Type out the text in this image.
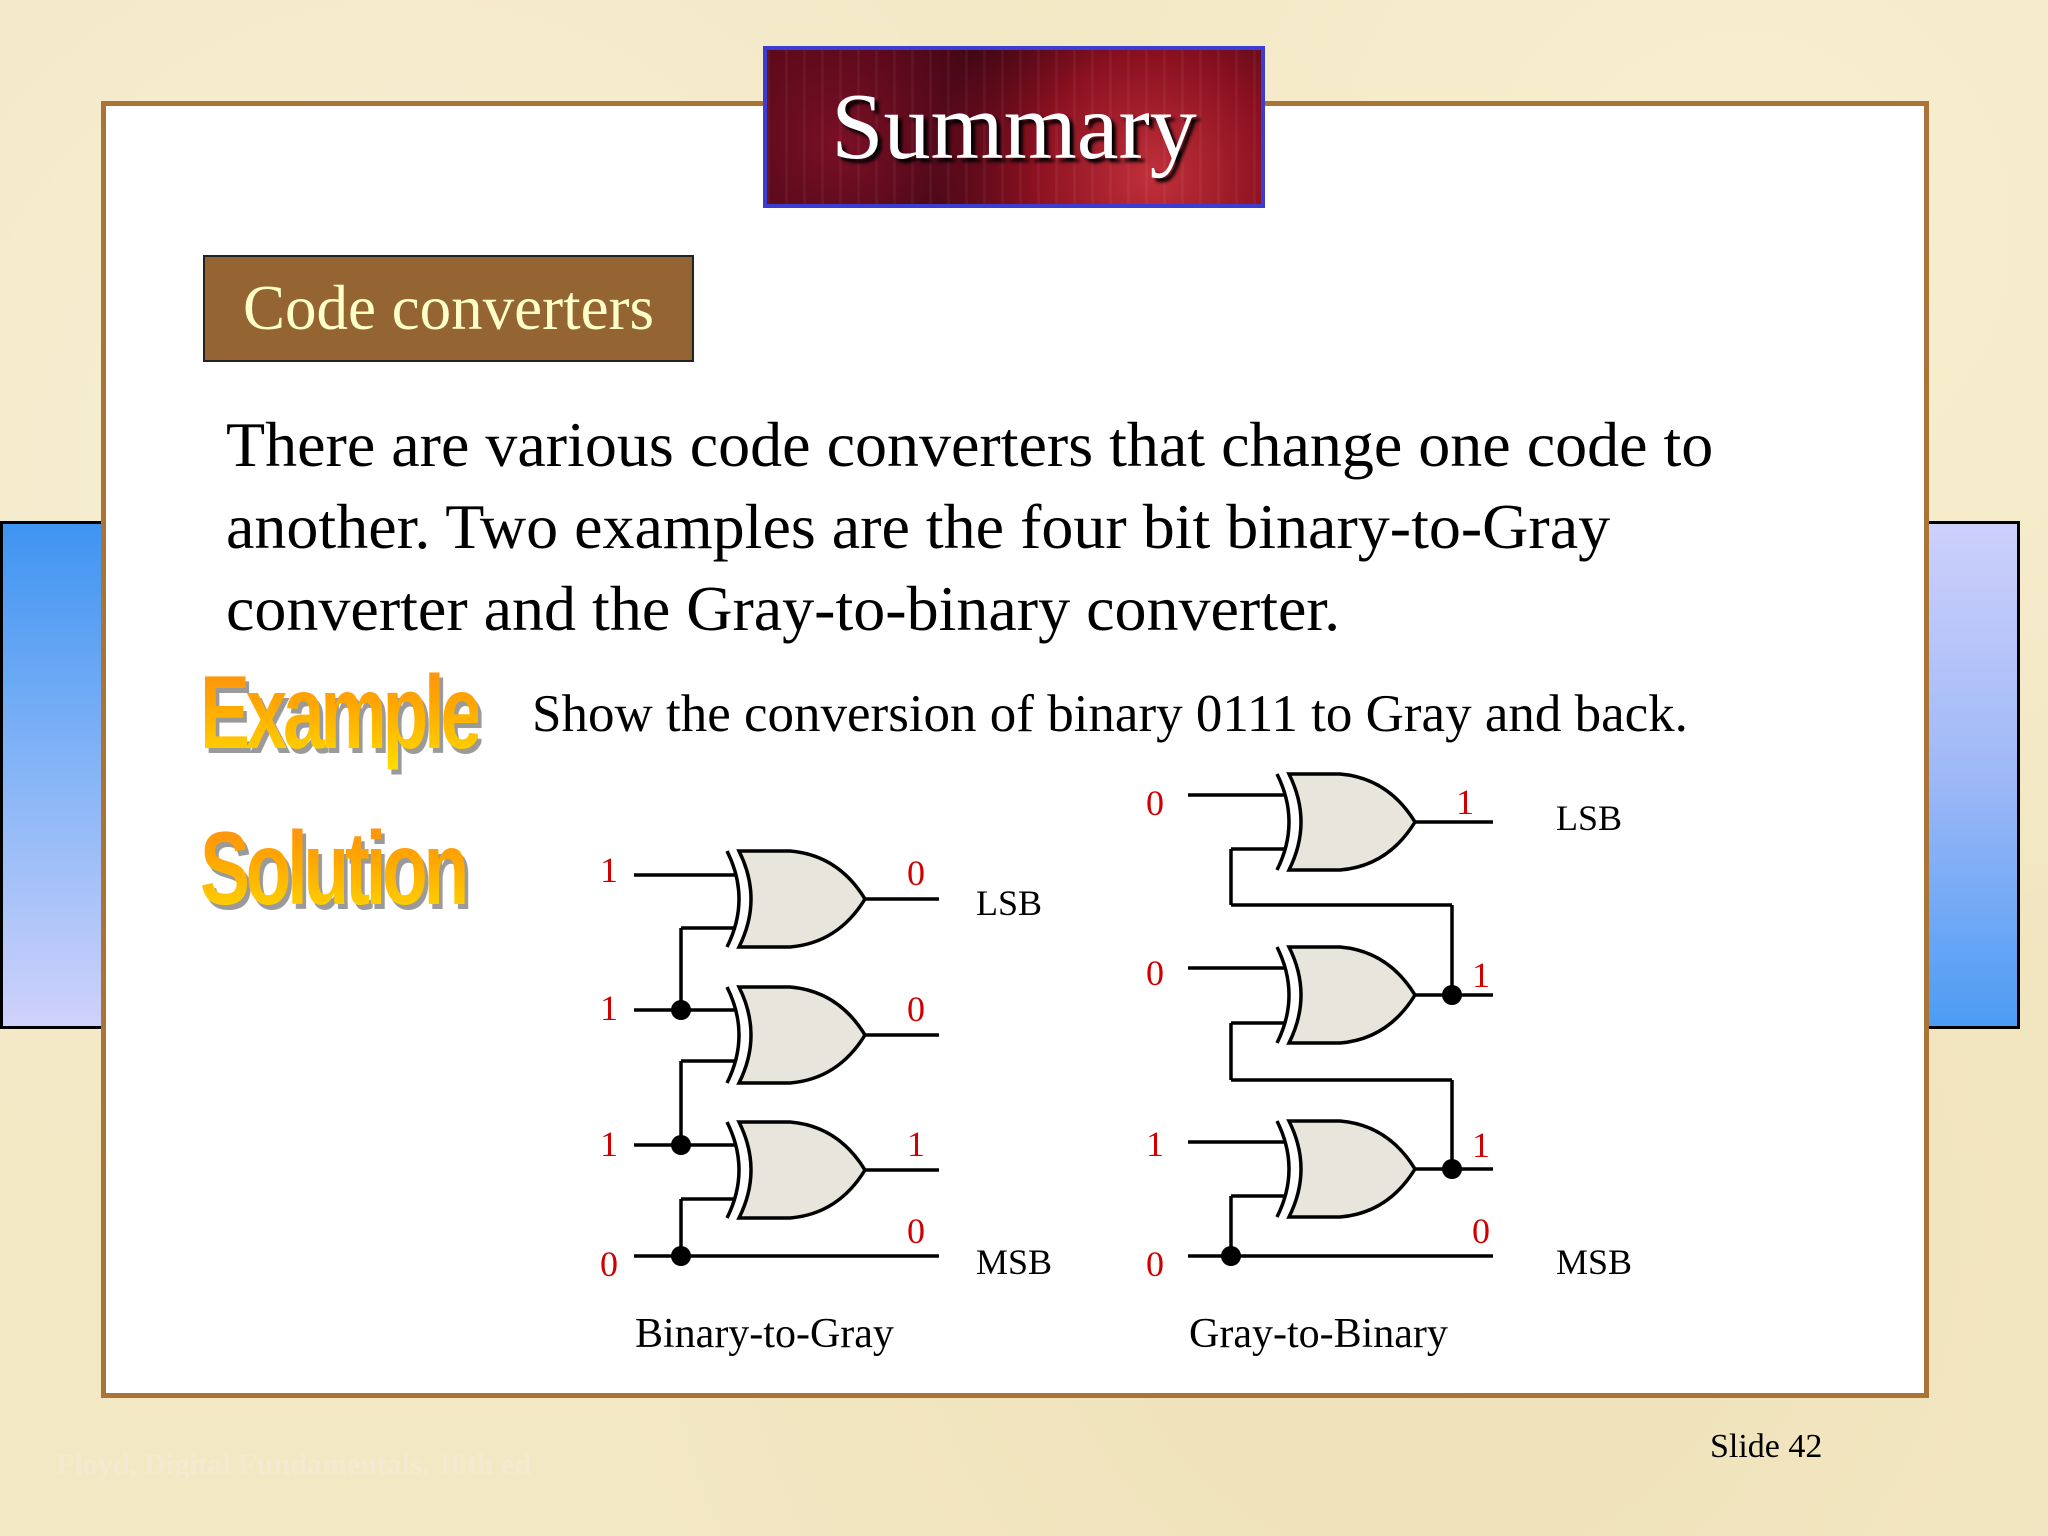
Summary
Code converters
There are various code converters that change one code to another. Two examples are the four bit binary-to-Gray converter and the Gray-to-binary converter.
Example
Solution
Show the conversion of binary 0111 to Gray and back.
1
1
1
0
0
0
1
0
LSB
MSB
Binary-to-Gray
0
0
1
0
1
1
1
0
LSB
MSB
Gray-to-Binary
Floyd, Digital Fundamentals, 10th ed	Slide 42
